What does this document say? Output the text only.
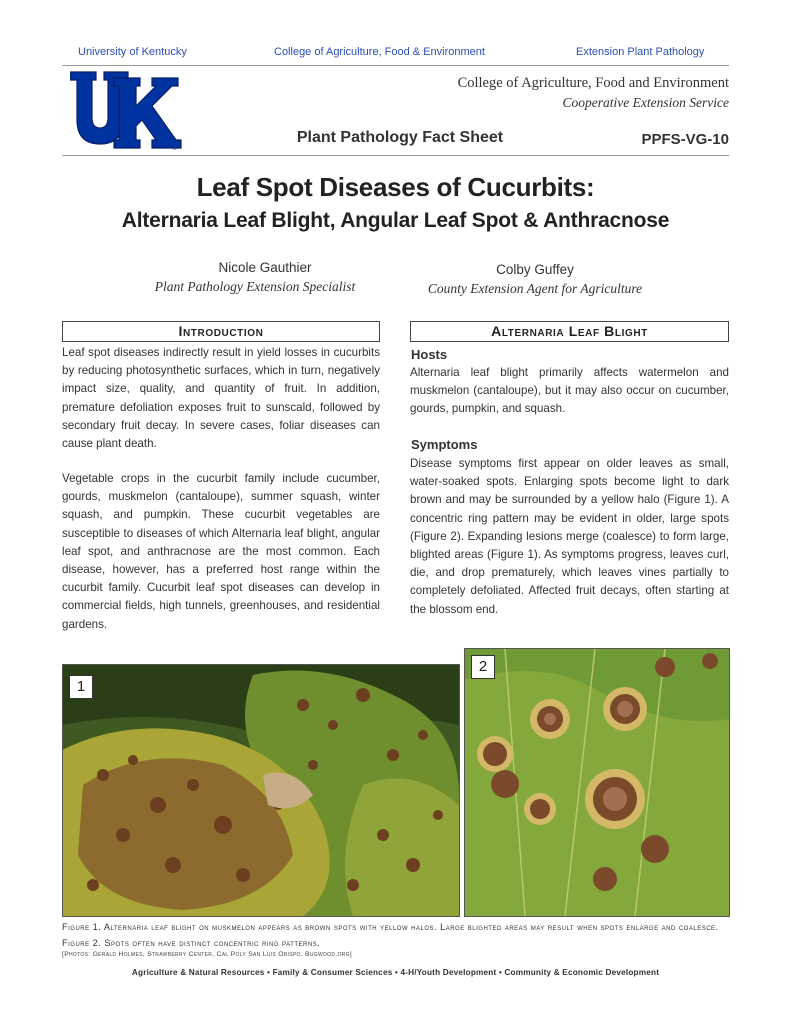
University of Kentucky	College of Agriculture, Food & Environment	Extension Plant Pathology
®
College of Agriculture, Food and Environment
Cooperative Extension Service
Plant Pathology Fact Sheet	PPFS-VG-10
Leaf Spot Diseases of Cucurbits:
Alternaria Leaf Blight, Angular Leaf Spot & Anthracnose
Nicole Gauthier
Plant Pathology Extension Specialist
Colby Guffey
County Extension Agent for Agriculture
Introduction
Leaf spot diseases indirectly result in yield losses in cucurbits by reducing photosynthetic surfaces, which in turn, negatively impact size, quality, and quantity of fruit. In addition, premature defoliation exposes fruit to sunscald, followed by secondary fruit decay. In severe cases, foliar diseases can cause plant death.
Vegetable crops in the cucurbit family include cucumber, gourds, muskmelon (cantaloupe), summer squash, winter squash, and pumpkin. These cucurbit vegetables are susceptible to diseases of which Alternaria leaf blight, angular leaf spot, and anthracnose are the most common. Each disease, however, has a preferred host range within the cucurbit family. Cucurbit leaf spot diseases can develop in commercial fields, high tunnels, greenhouses, and residential gardens.
Alternaria Leaf Blight
Hosts
Alternaria leaf blight primarily affects watermelon and muskmelon (cantaloupe), but it may also occur on cucumber, gourds, pumpkin, and squash.
Symptoms
Disease symptoms first appear on older leaves as small, water-soaked spots. Enlarging spots become light to dark brown and may be surrounded by a yellow halo (Figure 1). A concentric ring pattern may be evident in older, large spots (Figure 2). Expanding lesions merge (coalesce) to form large, blighted areas (Figure 1). As symptoms progress, leaves curl, die, and drop prematurely, which leaves vines partially to completely defoliated. Affected fruit decays, often starting at the blossom end.
1
2
Figure 1. Alternaria leaf blight on muskmelon appears as brown spots with yellow halos. Large blighted areas may result when spots enlarge and coalesce. Figure 2. Spots often have distinct concentric ring patterns.
[Photos: Gerald Holmes, Strawberry Center, Cal Poly San Luis Obispo. Bugwood.org]
Agriculture & Natural Resources • Family & Consumer Sciences • 4-H/Youth Development • Community & Economic Development
